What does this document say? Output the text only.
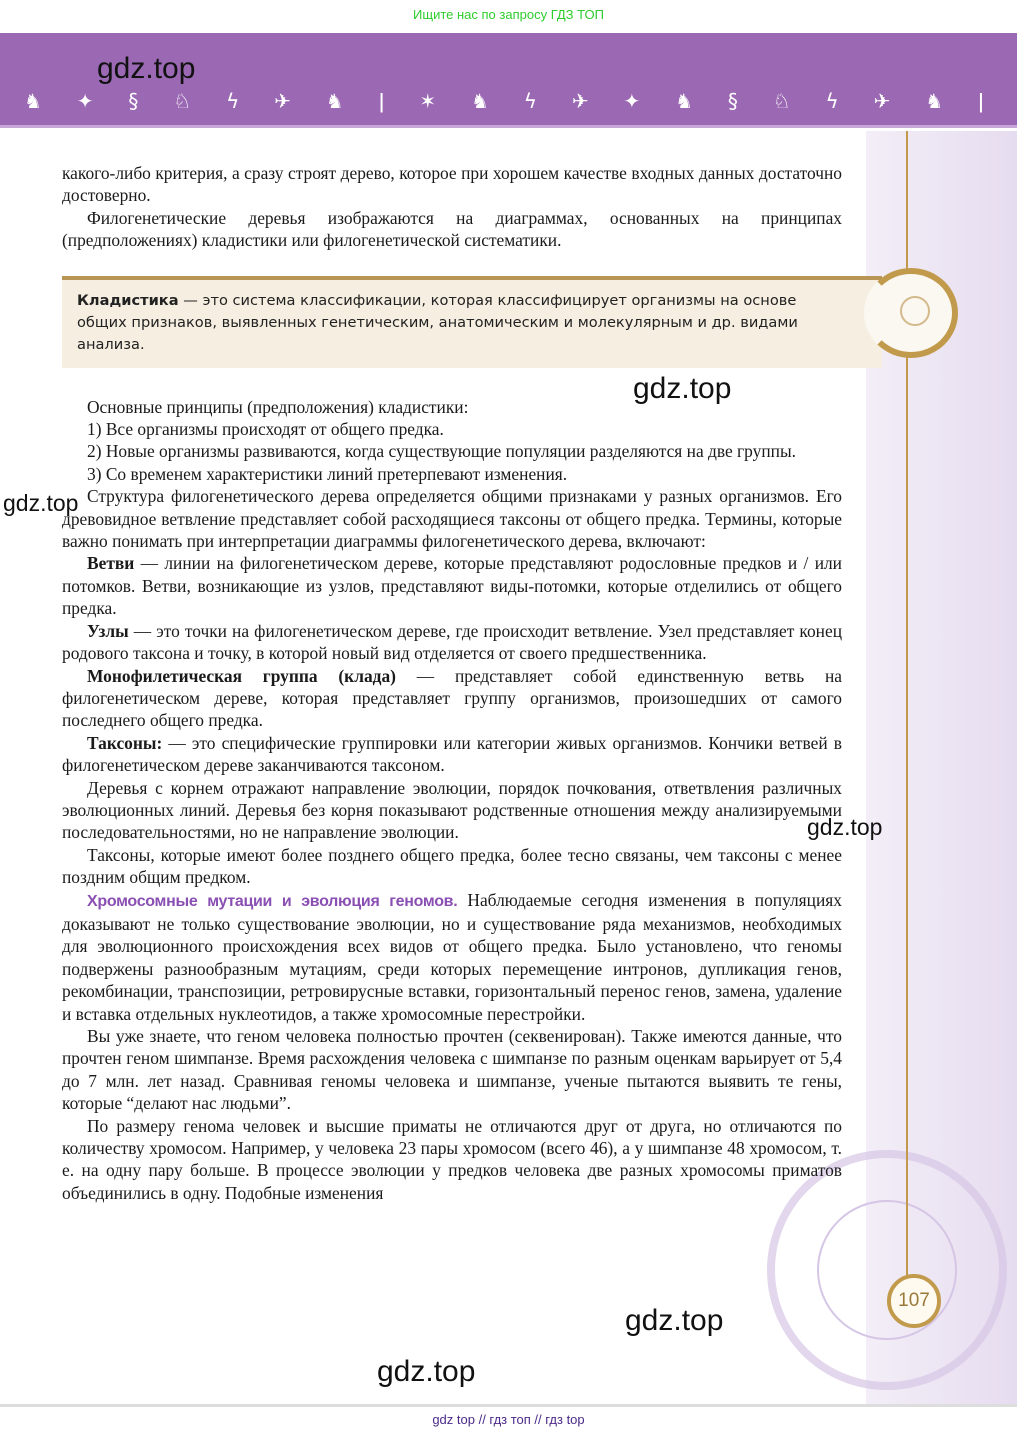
Ищите нас по запросу ГДЗ ТОП
♞ ✦ § ♘ ϟ ✈ ♞ ǀ ✶ ♞ ϟ ✈ ✦ ♞ § ♘ ϟ ✈ ♞ ǀ

какого-либо критерия, а сразу строят дерево, которое при хорошем качестве входных данных достаточно достоверно.

Филогенетические деревья изображаются на диаграммах, основанных на принципах (предположениях) кладистики или филогенетической систематики.

Кладистика — это система классификации, которая классифицирует организмы на основе общих признаков, выявленных генетическим, анатомическим и молекулярным и др. видами анализа.

Основные принципы (предположения) кладистики:

1) Все организмы происходят от общего предка.

2) Новые организмы развиваются, когда существующие популяции разделяются на две группы.

3) Со временем характеристики линий претерпевают изменения.

Структура филогенетического дерева определяется общими признаками у разных организмов. Его древовидное ветвление представляет собой расходящиеся таксоны от общего предка. Термины, которые важно понимать при интерпретации диаграммы филогенетического дерева, включают:

Ветви — линии на филогенетическом дереве, которые представляют родословные предков и / или потомков. Ветви, возникающие из узлов, представляют виды-потомки, которые отделились от общего предка.

Узлы — это точки на филогенетическом дереве, где происходит ветвление. Узел представляет конец родового таксона и точку, в которой новый вид отделяется от своего предшественника.

Монофилетическая группа (клада) — представляет собой единственную ветвь на филогенетическом дереве, которая представляет группу организмов, произошедших от самого последнего общего предка.

Таксоны: — это специфические группировки или категории живых организмов. Кончики ветвей в филогенетическом дереве заканчиваются таксоном.

Деревья с корнем отражают направление эволюции, порядок почкования, ответвления различных эволюционных линий. Деревья без корня показывают родственные отношения между анализируемыми последовательностями, но не направление эволюции.

Таксоны, которые имеют более позднего общего предка, более тесно связаны, чем таксоны с менее поздним общим предком.

Хромосомные мутации и эволюция геномов. Наблюдаемые сегодня изменения в популяциях доказывают не только существование эволюции, но и существование ряда механизмов, необходимых для эволюционного происхождения всех видов от общего предка. Было установлено, что геномы подвержены разнообразным мутациям, среди которых перемещение интронов, дупликация генов, рекомбинации, транспозиции, ретровирусные вставки, горизонтальный перенос генов, замена, удаление и вставка отдельных нуклеотидов, а также хромосомные перестройки.

Вы уже знаете, что геном человека полностью прочтен (секвенирован). Также имеются данные, что прочтен геном шимпанзе. Время расхождения человека с шимпанзе по разным оценкам варьирует от 5,4 до 7 млн. лет назад. Сравнивая геномы человека и шимпанзе, ученые пытаются выявить те гены, которые “делают нас людьми”.

По размеру генома человек и высшие приматы не отличаются друг от друга, но отличаются по количеству хромосом. Например, у человека 23 пары хромосом (всего 46), а у шимпанзе 48 хромосом, т. е. на одну пару больше. В процессе эволюции у предков человека две разных хромосомы приматов объединились в одну. Подобные изменения

107
gdz.top
gdz.top
gdz.top
gdz.top
gdz.top
gdz.top
gdz top // гдз топ // гдз top
